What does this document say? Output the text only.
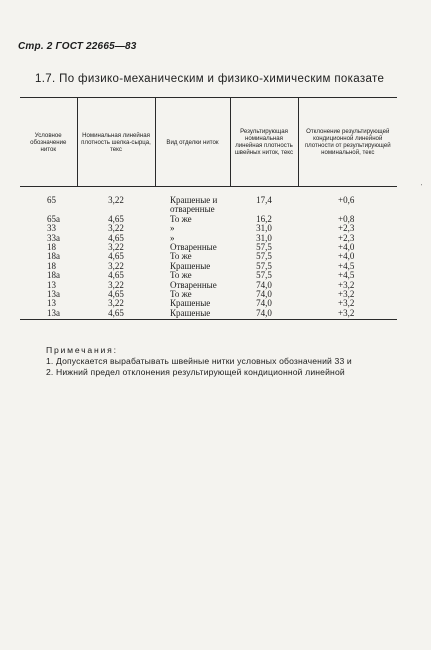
Стр. 2 ГОСТ 22665—83
1.7. По физико-механическим и физико-химическим показате
Условное обозначение ниток	Номинальная линейная плотность шелка-сырца, текс	Вид отделки ниток	Результирующая номинальная линейная плотность швейных ниток, текс	Отклонение результирующей кондиционной линейной плотности от результирующей номинальной, текс
65	3,22	Крашеные и отваренные	17,4	+0,6
65а	4,65	То же	16,2	+0,8
33	3,22	»	31,0	+2,3
33а	4,65	»	31,0	+2,3
18	3,22	Отваренные	57,5	+4,0
18а	4,65	То же	57,5	+4,0
18	3,22	Крашеные	57,5	+4,5
18а	4,65	То же	57,5	+4,5
13	3,22	Отваренные	74,0	+3,2
13а	4,65	То же	74,0	+3,2
13	3,22	Крашеные	74,0	+3,2
13а	4,65	Крашеные	74,0	+3,2
'
Примечания:
1. Допускается вырабатывать швейные нитки условных обозначений 33 и
2. Нижний предел отклонения результирующей кондиционной линейной
